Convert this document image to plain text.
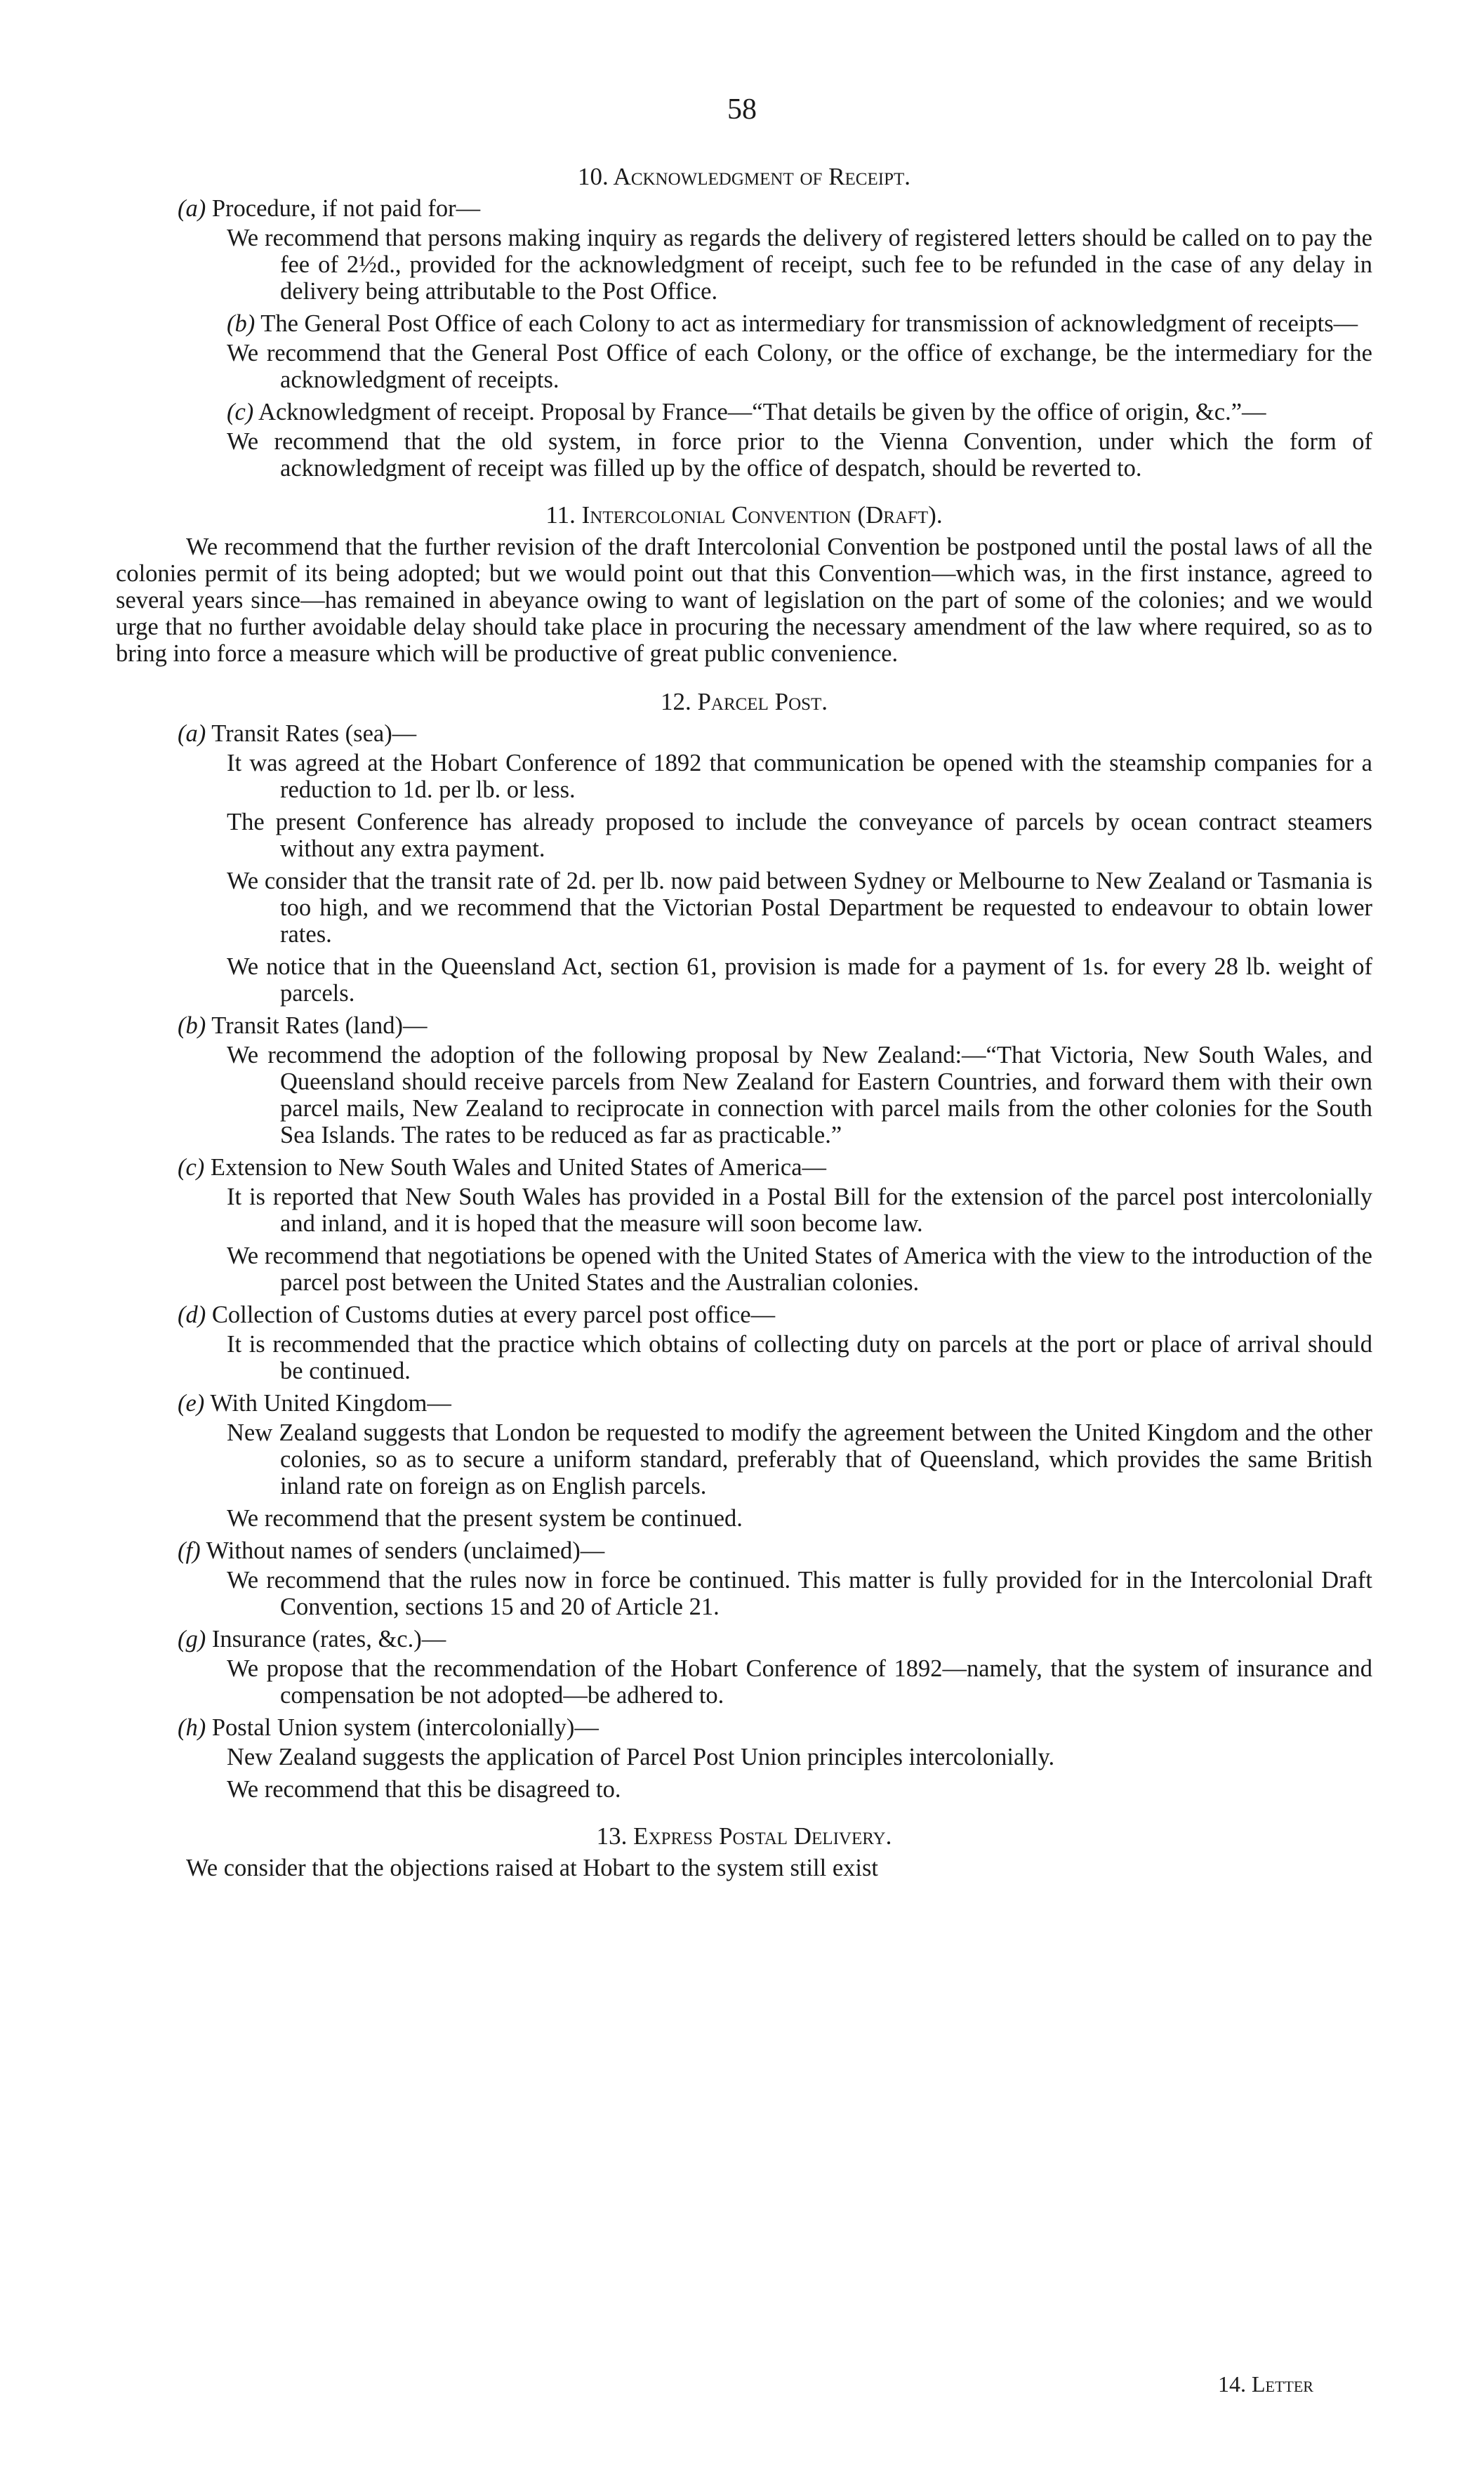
58
10. Acknowledgment of Receipt.
(a) Procedure, if not paid for—

We recommend that persons making inquiry as regards the delivery of registered letters should be called on to pay the fee of 2½d., provided for the acknowledgment of receipt, such fee to be refunded in the case of any delay in delivery being attributable to the Post Office.

(b) The General Post Office of each Colony to act as intermediary for transmission of acknowledgment of receipts—

We recommend that the General Post Office of each Colony, or the office of exchange, be the intermediary for the acknowledgment of receipts.

(c) Acknowledgment of receipt. Proposal by France—“That details be given by the office of origin, &c.”—

We recommend that the old system, in force prior to the Vienna Convention, under which the form of acknowledgment of receipt was filled up by the office of despatch, should be reverted to.

11. Intercolonial Convention (Draft).

We recommend that the further revision of the draft Intercolonial Convention be postponed until the postal laws of all the colonies permit of its being adopted; but we would point out that this Convention—which was, in the first instance, agreed to several years since—has remained in abeyance owing to want of legislation on the part of some of the colonies; and we would urge that no further avoidable delay should take place in procuring the necessary amendment of the law where required, so as to bring into force a measure which will be productive of great public convenience.

12. Parcel Post.
(a) Transit Rates (sea)—

It was agreed at the Hobart Conference of 1892 that communication be opened with the steamship companies for a reduction to 1d. per lb. or less.

The present Conference has already proposed to include the conveyance of parcels by ocean contract steamers without any extra payment.

We consider that the transit rate of 2d. per lb. now paid between Sydney or Melbourne to New Zealand or Tasmania is too high, and we recommend that the Victorian Postal Department be requested to endeavour to obtain lower rates.

We notice that in the Queensland Act, section 61, provision is made for a payment of 1s. for every 28 lb. weight of parcels.

(b) Transit Rates (land)—

We recommend the adoption of the following proposal by New Zealand:—“That Victoria, New South Wales, and Queensland should receive parcels from New Zealand for Eastern Countries, and forward them with their own parcel mails, New Zealand to reciprocate in connection with parcel mails from the other colonies for the South Sea Islands. The rates to be reduced as far as practicable.”

(c) Extension to New South Wales and United States of America—

It is reported that New South Wales has provided in a Postal Bill for the extension of the parcel post intercolonially and inland, and it is hoped that the measure will soon become law.

We recommend that negotiations be opened with the United States of America with the view to the introduction of the parcel post between the United States and the Australian colonies.

(d) Collection of Customs duties at every parcel post office—

It is recommended that the practice which obtains of collecting duty on parcels at the port or place of arrival should be continued.

(e) With United Kingdom—

New Zealand suggests that London be requested to modify the agreement between the United Kingdom and the other colonies, so as to secure a uniform standard, preferably that of Queensland, which provides the same British inland rate on foreign as on English parcels.

We recommend that the present system be continued.

(f) Without names of senders (unclaimed)—

We recommend that the rules now in force be continued. This matter is fully provided for in the Intercolonial Draft Convention, sections 15 and 20 of Article 21.

(g) Insurance (rates, &c.)—

We propose that the recommendation of the Hobart Conference of 1892—namely, that the system of insurance and compensation be not adopted—be adhered to.

(h) Postal Union system (intercolonially)—

New Zealand suggests the application of Parcel Post Union principles intercolonially.

We recommend that this be disagreed to.

13. Express Postal Delivery.

We consider that the objections raised at Hobart to the system still exist

14. Letter
